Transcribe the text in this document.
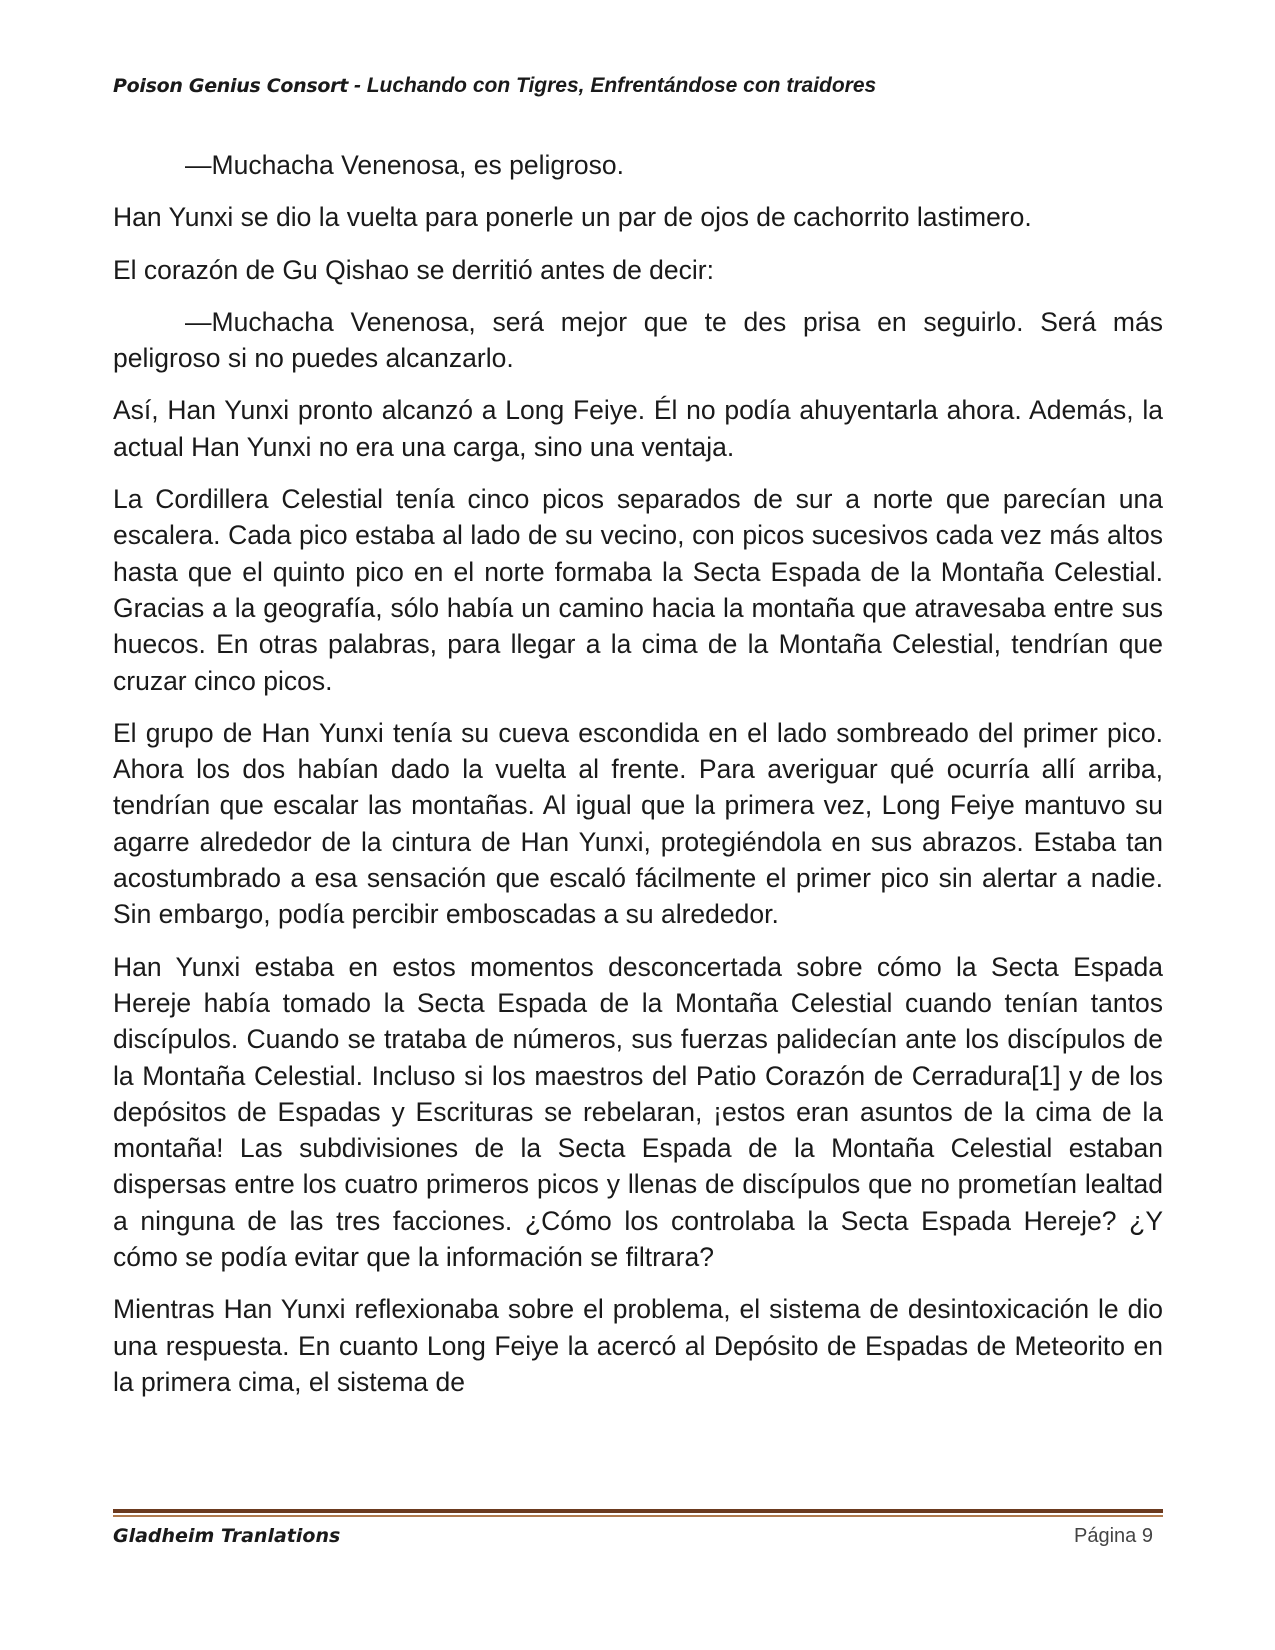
Poison Genius Consort - Luchando con Tigres, Enfrentándose con traidores

—Muchacha Venenosa, es peligroso.

Han Yunxi se dio la vuelta para ponerle un par de ojos de cachorrito lastimero.

El corazón de Gu Qishao se derritió antes de decir:

—Muchacha Venenosa, será mejor que te des prisa en seguirlo. Será más peligroso si no puedes alcanzarlo.

Así, Han Yunxi pronto alcanzó a Long Feiye. Él no podía ahuyentarla ahora. Además, la actual Han Yunxi no era una carga, sino una ventaja.

La Cordillera Celestial tenía cinco picos separados de sur a norte que parecían una escalera. Cada pico estaba al lado de su vecino, con picos sucesivos cada vez más altos hasta que el quinto pico en el norte formaba la Secta Espada de la Montaña Celestial. Gracias a la geografía, sólo había un camino hacia la montaña que atravesaba entre sus huecos. En otras palabras, para llegar a la cima de la Montaña Celestial, tendrían que cruzar cinco picos.

El grupo de Han Yunxi tenía su cueva escondida en el lado sombreado del primer pico. Ahora los dos habían dado la vuelta al frente. Para averiguar qué ocurría allí arriba, tendrían que escalar las montañas. Al igual que la primera vez, Long Feiye mantuvo su agarre alrededor de la cintura de Han Yunxi, protegiéndola en sus abrazos. Estaba tan acostumbrado a esa sensación que escaló fácilmente el primer pico sin alertar a nadie. Sin embargo, podía percibir emboscadas a su alrededor.

Han Yunxi estaba en estos momentos desconcertada sobre cómo la Secta Espada Hereje había tomado la Secta Espada de la Montaña Celestial cuando tenían tantos discípulos. Cuando se trataba de números, sus fuerzas palidecían ante los discípulos de la Montaña Celestial. Incluso si los maestros del Patio Corazón de Cerradura[1] y de los depósitos de Espadas y Escrituras se rebelaran, ¡estos eran asuntos de la cima de la montaña! Las subdivisiones de la Secta Espada de la Montaña Celestial estaban dispersas entre los cuatro primeros picos y llenas de discípulos que no prometían lealtad a ninguna de las tres facciones. ¿Cómo los controlaba la Secta Espada Hereje? ¿Y cómo se podía evitar que la información se filtrara?

Mientras Han Yunxi reflexionaba sobre el problema, el sistema de desintoxicación le dio una respuesta. En cuanto Long Feiye la acercó al Depósito de Espadas de Meteorito en la primera cima, el sistema de

Gladheim Tranlations	Página 9
